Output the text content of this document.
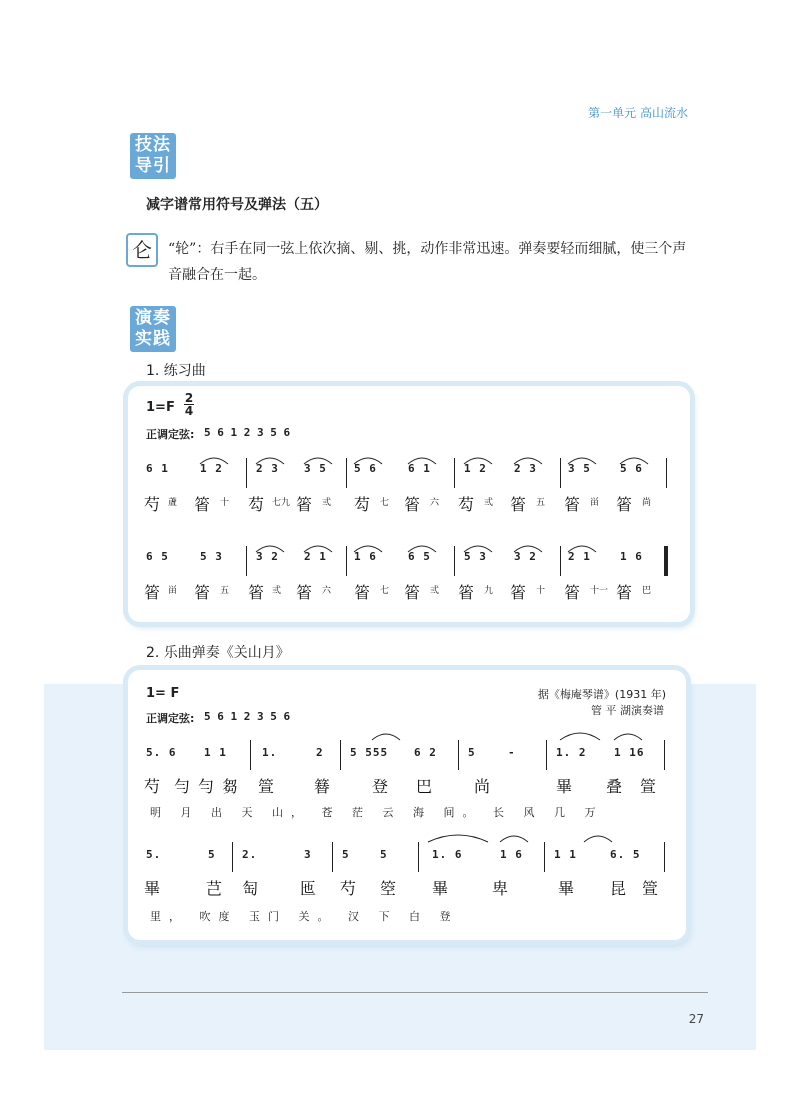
第一单元 高山流水
技法
导引
减字谱常用符号及弹法（五）
仑	“轮”：右手在同一弦上依次摘、剔、挑，动作非常迅速。弹奏要轻而细腻，使三个声音融合在一起。
演奏
实践
1. 练习曲
1=F
2
4
正调定弦: 5 6 1 2 3 5 6
6 1	1 2	2 3 3 5 5 6	6 1	1 2 2 3	3 5	5 6
芍 蔖 箵 十 芶 七九 箵 弎 芶 七 箵 六 芶 弎 箵 五 箵 畄 箵 尚
6 5	5 3	3 2 2 1 1 6	6 5	5 3 3 2	2 1	1 6
箵 畄 箵 五 箵 弎 箵 六 箵 七 箵 弎 箵 九 箵 十 箵 十一 箵 巴
2. 乐曲弹奏《关山月》
1= F
正调定弦: 5 6 1 2 3 5 6
据《梅庵琴谱》(1931 年)
管 平 湖演奏谱
5. 6	1 1	1.	2 5 555 6 2	5	-	1. 2	1 16
芍 勻 勻 芻 箮 簮	登 巴	尚	畢 叠 箮
明 月 出 天 山， 苍 茫 云 海 间。 长 风 几 万
5.	5 2.	3	5	5	1. 6	1 6	1 1	6. 5
畢	芑 匋	匜 芍 箜 畢	卑	畢 昆 箮
里， 吹度 玉门 关。 汉 下 白 登
27
